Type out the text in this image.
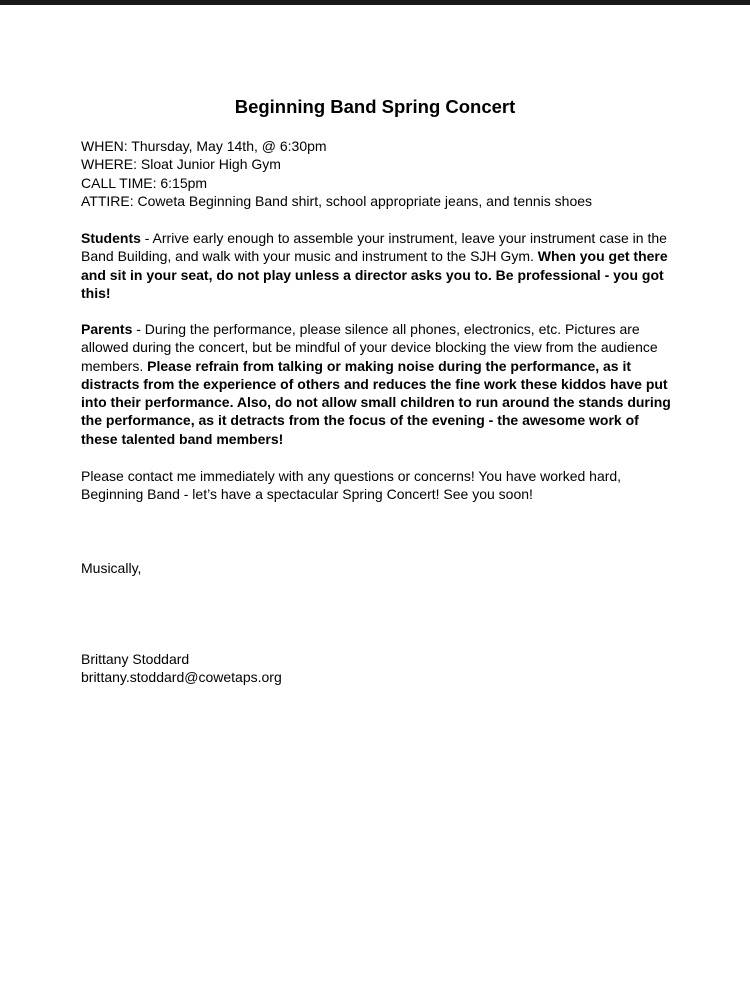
Beginning Band Spring Concert
WHEN: Thursday, May 14th, @ 6:30pm
WHERE: Sloat Junior High Gym
CALL TIME: 6:15pm
ATTIRE: Coweta Beginning Band shirt, school appropriate jeans, and tennis shoes

Students - Arrive early enough to assemble your instrument, leave your instrument case in the Band Building, and walk with your music and instrument to the SJH Gym. When you get there and sit in your seat, do not play unless a director asks you to. Be professional - you got this!

Parents - During the performance, please silence all phones, electronics, etc. Pictures are allowed during the concert, but be mindful of your device blocking the view from the audience members. Please refrain from talking or making noise during the performance, as it distracts from the experience of others and reduces the fine work these kiddos have put into their performance. Also, do not allow small children to run around the stands during the performance, as it detracts from the focus of the evening - the awesome work of these talented band members!

Please contact me immediately with any questions or concerns! You have worked hard, Beginning Band - let’s have a spectacular Spring Concert! See you soon!

Musically,
Brittany Stoddard
brittany.stoddard@cowetaps.org
